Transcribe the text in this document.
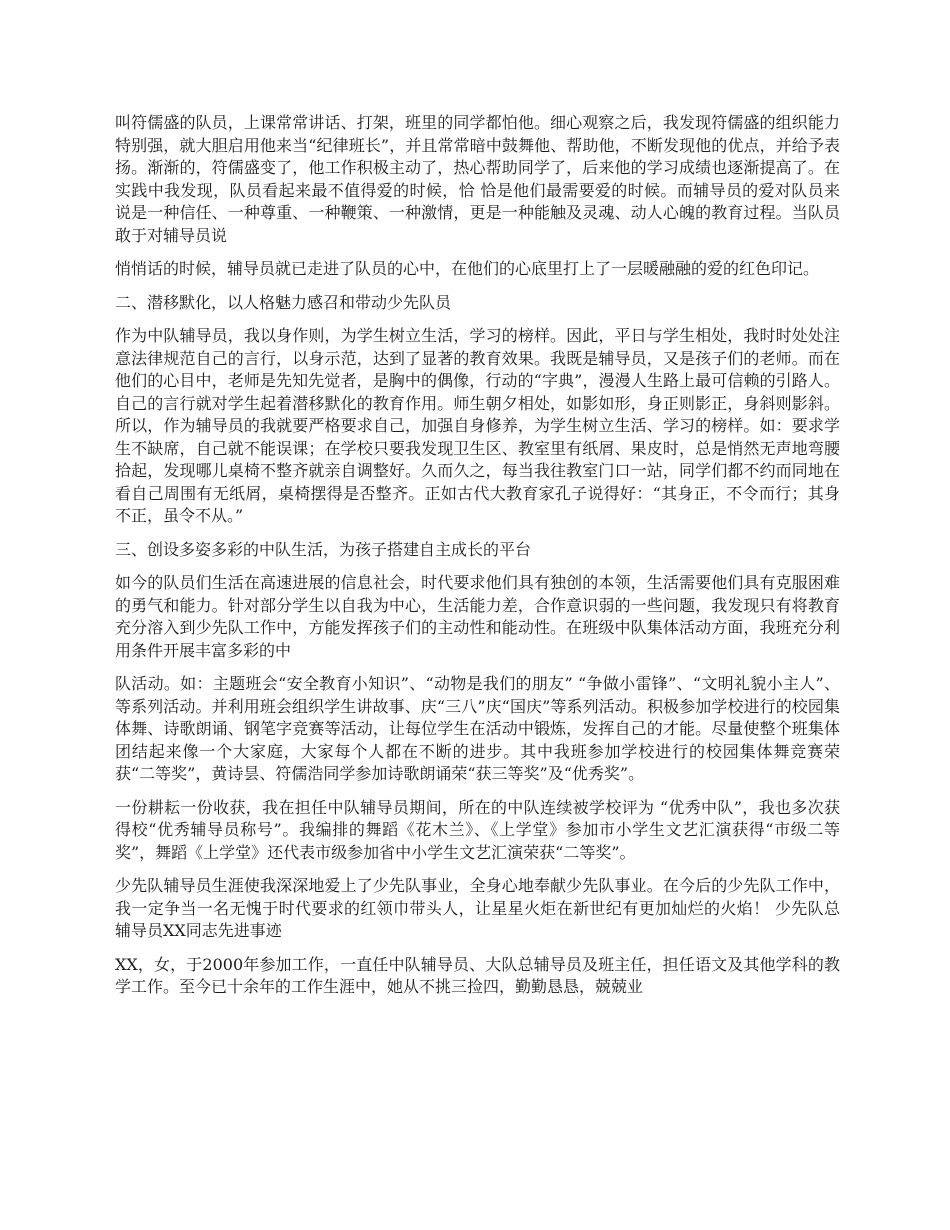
叫符儒盛的队员，上课常常讲话、打架，班里的同学都怕他。细心观察之后，我发现符儒盛的组织能力特别强，就大胆启用他来当“纪律班长”，并且常常暗中鼓舞他、帮助他，不断发现他的优点，并给予表扬。渐渐的，符儒盛变了，他工作积极主动了，热心帮助同学了，后来他的学习成绩也逐渐提高了。在实践中我发现，队员看起来最不值得爱的时候，恰 恰是他们最需要爱的时候。而辅导员的爱对队员来说是一种信任、一种尊重、一种鞭策、一种激情，更是一种能触及灵魂、动人心魄的教育过程。当队员敢于对辅导员说

悄悄话的时候，辅导员就已走进了队员的心中，在他们的心底里打上了一层暖融融的爱的红色印记。

二、潜移默化，以人格魅力感召和带动少先队员

作为中队辅导员，我以身作则，为学生树立生活，学习的榜样。因此，平日与学生相处，我时时处处注意法律规范自己的言行，以身示范，达到了显著的教育效果。我既是辅导员，又是孩子们的老师。而在他们的心目中，老师是先知先觉者，是胸中的偶像，行动的“字典”，漫漫人生路上最可信赖的引路人。自己的言行就对学生起着潜移默化的教育作用。师生朝夕相处，如影如形，身正则影正，身斜则影斜。所以，作为辅导员的我就要严格要求自己，加强自身修养，为学生树立生活、学习的榜样。如：要求学生不缺席，自己就不能误课；在学校只要我发现卫生区、教室里有纸屑、果皮时，总是悄然无声地弯腰拾起，发现哪儿桌椅不整齐就亲自调整好。久而久之，每当我往教室门口一站，同学们都不约而同地在看自己周围有无纸屑，桌椅摆得是否整齐。正如古代大教育家孔子说得好：“其身正，不令而行；其身不正，虽令不从。”

三、创设多姿多彩的中队生活，为孩子搭建自主成长的平台

如今的队员们生活在高速进展的信息社会，时代要求他们具有独创的本领，生活需要他们具有克服困难的勇气和能力。针对部分学生以自我为中心，生活能力差，合作意识弱的一些问题，我发现只有将教育充分溶入到少先队工作中，方能发挥孩子们的主动性和能动性。在班级中队集体活动方面，我班充分利用条件开展丰富多彩的中

队活动。如：主题班会“安全教育小知识”、“动物是我们的朋友” “争做小雷锋”、“文明礼貌小主人”、 等系列活动。并利用班会组织学生讲故事、庆“三八”庆“国庆”等系列活动。积极参加学校进行的校园集体舞、诗歌朗诵、钢笔字竞赛等活动，让每位学生在活动中锻炼，发挥自己的才能。尽量使整个班集体团结起来像一个大家庭，大家每个人都在不断的进步。其中我班参加学校进行的校园集体舞竞赛荣获“二等奖”，黄诗昙、符儒浩同学参加诗歌朗诵荣“获三等奖”及“优秀奖”。

一份耕耘一份收获，我在担任中队辅导员期间，所在的中队连续被学校评为 “优秀中队”，我也多次获得校“优秀辅导员称号”。我编排的舞蹈《花木兰》、《上学堂》参加市小学生文艺汇演获得“市级二等奖”，舞蹈《上学堂》还代表市级参加省中小学生文艺汇演荣获“二等奖”。

少先队辅导员生涯使我深深地爱上了少先队事业，全身心地奉献少先队事业。在今后的少先队工作中，我一定争当一名无愧于时代要求的红领巾带头人，让星星火炬在新世纪有更加灿烂的火焰！ 少先队总辅导员XX同志先进事迹

XX，女，于2000年参加工作，一直任中队辅导员、大队总辅导员及班主任，担任语文及其他学科的教学工作。至今已十余年的工作生涯中，她从不挑三捡四，勤勤恳恳，兢兢业
